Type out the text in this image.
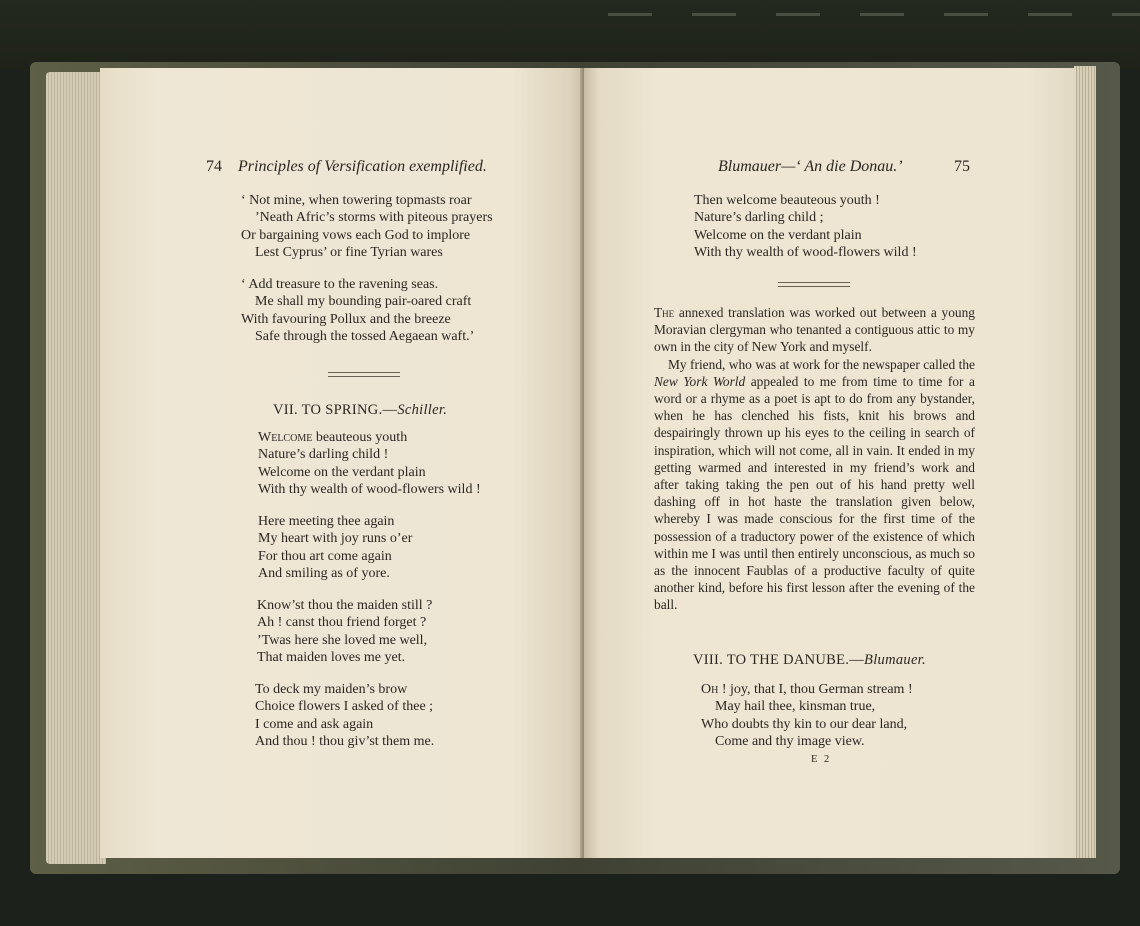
74 Principles of Versification exemplified.
‘ Not mine, when towering topmasts roar
’Neath Afric’s storms with piteous prayers
Or bargaining vows each God to implore
Lest Cyprus’ or fine Tyrian wares
‘ Add treasure to the ravening seas.
Me shall my bounding pair-oared craft
With favouring Pollux and the breeze
Safe through the tossed Aegaean waft.’
VII. TO SPRING.—Schiller.
Welcome beauteous youth
Nature’s darling child !
Welcome on the verdant plain
With thy wealth of wood-flowers wild !
Here meeting thee again
My heart with joy runs o’er
For thou art come again
And smiling as of yore.
Know’st thou the maiden still ?
Ah ! canst thou friend forget ?
’Twas here she loved me well,
That maiden loves me yet.
To deck my maiden’s brow
Choice flowers I asked of thee ;
I come and ask again
And thou ! thou giv’st them me.
Blumauer—‘ An die Donau.’	75
Then welcome beauteous youth !
Nature’s darling child ;
Welcome on the verdant plain
With thy wealth of wood-flowers wild !

The annexed translation was worked out between a young Moravian clergyman who tenanted a contiguous attic to my own in the city of New York and myself.

My friend, who was at work for the newspaper called the New York World appealed to me from time to time for a word or a rhyme as a poet is apt to do from any bystander, when he has clenched his fists, knit his brows and despairingly thrown up his eyes to the ceiling in search of inspiration, which will not come, all in vain. It ended in my getting warmed and interested in my friend’s work and after taking taking the pen out of his hand pretty well dashing off in hot haste the translation given below, whereby I was made conscious for the first time of the possession of a traductory power of the existence of which within me I was until then entirely unconscious, as much so as the innocent Faublas of a productive faculty of quite another kind, before his first lesson after the evening of the ball.

VIII. TO THE DANUBE.—Blumauer.
Oh ! joy, that I, thou German stream !
May hail thee, kinsman true,
Who doubts thy kin to our dear land,
Come and thy image view.
E 2
